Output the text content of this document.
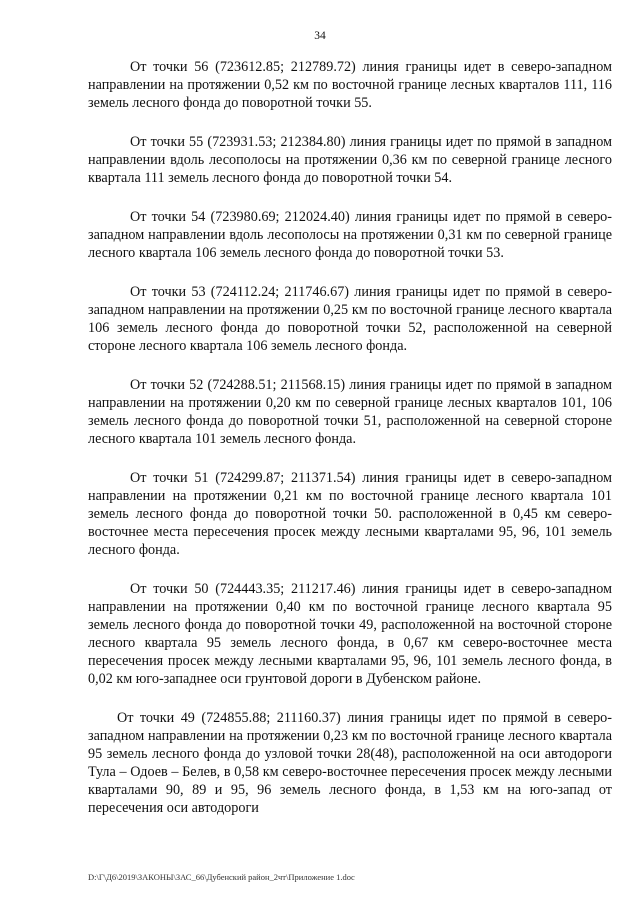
34

От точки 56 (723612.85; 212789.72) линия границы идет в северо-западном направлении на протяжении 0,52 км по восточной границе лесных кварталов 111, 116 земель лесного фонда до поворотной точки 55.

От точки 55 (723931.53; 212384.80) линия границы идет по прямой в западном направлении вдоль лесополосы на протяжении 0,36 км по северной границе лесного квартала 111 земель лесного фонда до поворотной точки 54.

От точки 54 (723980.69; 212024.40) линия границы идет по прямой в северо-западном направлении вдоль лесополосы на протяжении 0,31 км по северной границе лесного квартала 106 земель лесного фонда до поворотной точки 53.

От точки 53 (724112.24; 211746.67) линия границы идет по прямой в северо-западном направлении на протяжении 0,25 км по восточной границе лесного квартала 106 земель лесного фонда до поворотной точки 52, расположенной на северной стороне лесного квартала 106 земель лесного фонда.

От точки 52 (724288.51; 211568.15) линия границы идет по прямой в западном направлении на протяжении 0,20 км по северной границе лесных кварталов 101, 106 земель лесного фонда до поворотной точки 51, расположенной на северной стороне лесного квартала 101 земель лесного фонда.

От точки 51 (724299.87; 211371.54) линия границы идет в северо-западном направлении на протяжении 0,21 км по восточной границе лесного квартала 101 земель лесного фонда до поворотной точки 50. расположенной в 0,45 км северо-восточнее места пересечения просек между лесными кварталами 95, 96, 101 земель лесного фонда.

От точки 50 (724443.35; 211217.46) линия границы идет в северо-западном направлении на протяжении 0,40 км по восточной границе лесного квартала 95 земель лесного фонда до поворотной точки 49, расположенной на восточной стороне лесного квартала 95 земель лесного фонда, в 0,67 км северо-восточнее места пересечения просек между лесными кварталами 95, 96, 101 земель лесного фонда, в 0,02 км юго-западнее оси грунтовой дороги в Дубенском районе.

От точки 49 (724855.88; 211160.37) линия границы идет по прямой в северо-западном направлении на протяжении 0,23 км по восточной границе лесного квартала 95 земель лесного фонда до узловой точки 28(48), расположенной на оси автодороги Тула – Одоев – Белев, в 0,58 км северо-восточнее пересечения просек между лесными кварталами 90, 89 и 95, 96 земель лесного фонда, в 1,53 км на юго-запад от пересечения оси автодороги

D:\Г\Д6\2019\ЗАКОНЫ\ЗАС_66\Дубенский район_2чт\Приложение 1.doc
